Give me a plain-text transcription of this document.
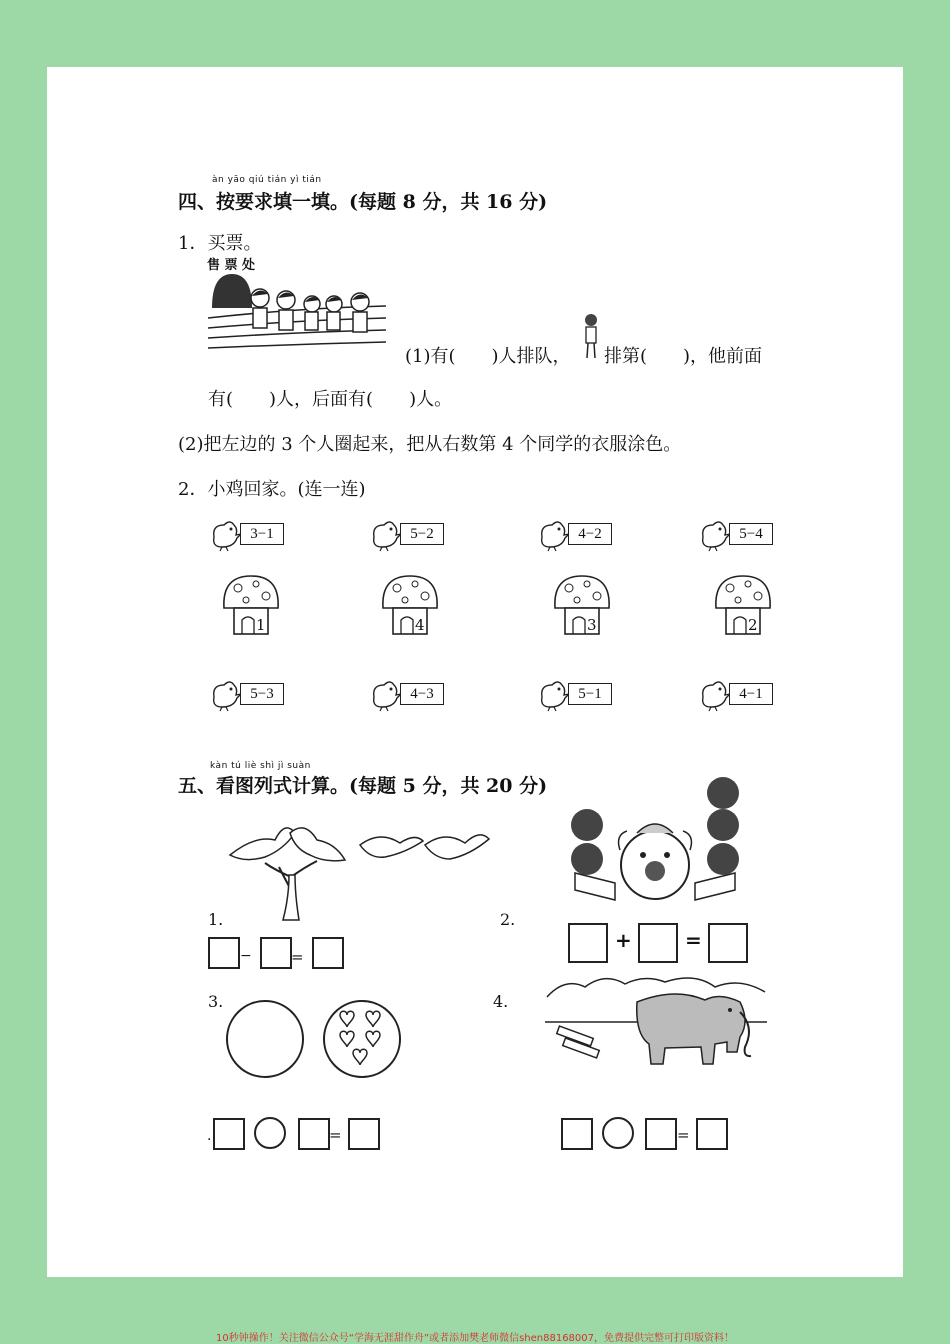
àn yāo qiú tián yì tián
四、按要求填一填。(每题 8 分，共 16 分)
1．买票。
售 票 处
(1)有(　　)人排队， 排第(　　)，他前面
有(　　)人，后面有(　　)人。
(2)把左边的 3 个人圈起来，把从右数第 4 个同学的衣服涂色。
2．小鸡回家。(连一连)
3−1	5−2	4−2	5−4
1	4	3	2
5−3	4−3	5−1	4−1
kàn tú liè shì jì suàn
五、看图列式计算。(每题 5 分，共 20 分)
1.	2.
−	=
+	=
3.	4.
.	=	=
10秒钟操作！关注微信公众号“学海无涯甜作舟”或者添加樊老师微信shen88168007，免费提供完整可打印版资料！
